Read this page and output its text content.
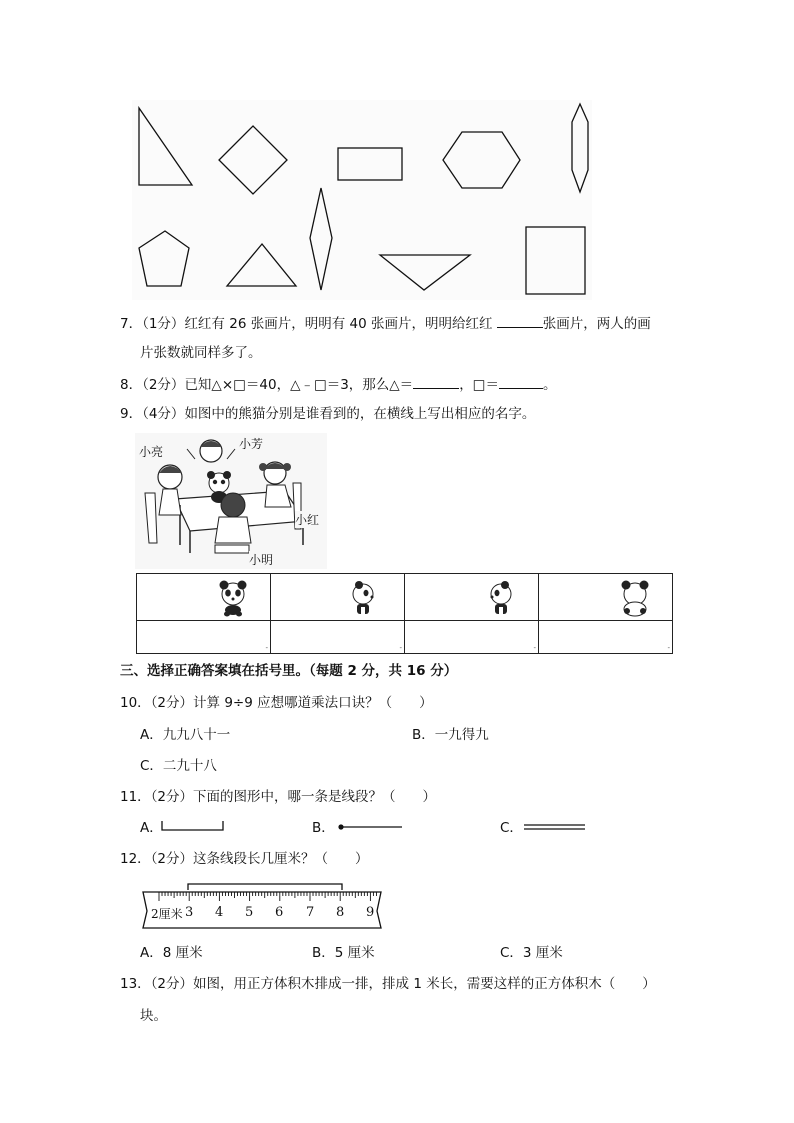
7．（1分）红红有 26 张画片，明明有 40 张画片，明明给红红	张画片，两人的画
片张数就同样多了。
8．（2分）已知△×□＝40，△﹣□＝3，那么△＝	，□＝	。
9．（4分）如图中的熊猫分别是谁看到的，在横线上写出相应的名字。
小亮
小芳
小红
小明

-	-	-	-
三、选择正确答案填在括号里。（每题 2 分，共 16 分）
10．（2分）计算 9÷9 应想哪道乘法口诀？（　　）
A．九九八十一	B．一九得九
C．二九十八
11．（2分）下面的图形中，哪一条是线段？（　　）
A．	B．	C．
12．（2分）这条线段长几厘米？（　　）
2厘米 3 4 5 6 7 8 9
A．8 厘米	B．5 厘米	C．3 厘米
13．（2分）如图，用正方体积木排成一排，排成 1 米长，需要这样的正方体积木（　　）
块。
